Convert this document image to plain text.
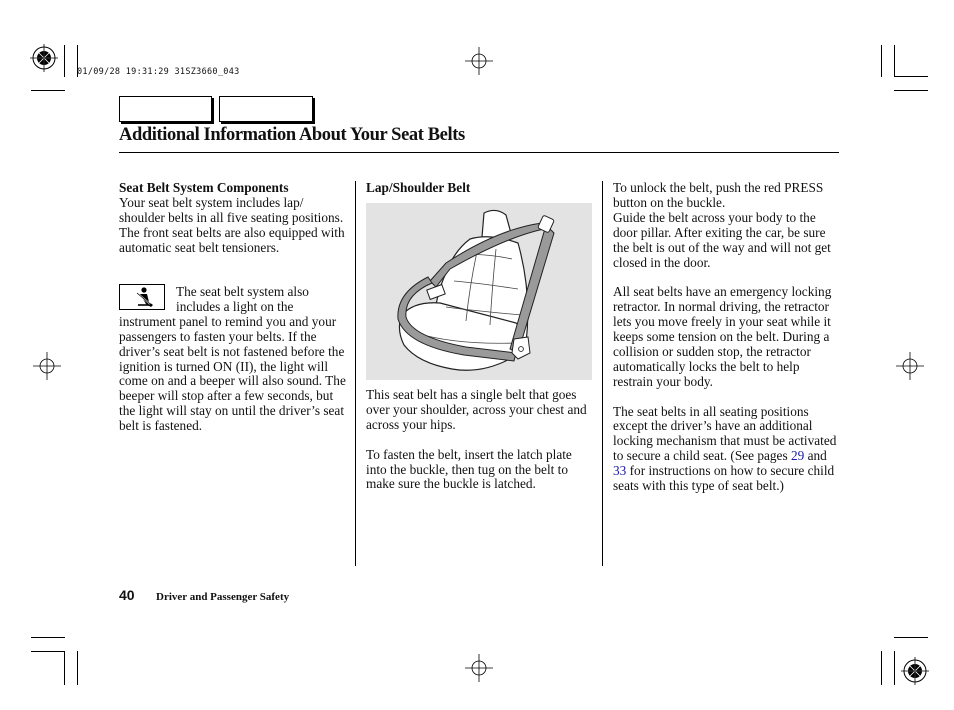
01/09/28 19:31:29 31SZ3660_043
Additional Information About Your Seat Belts

Seat Belt System Components

Your seat belt system includes lap/ shoulder belts in all five seating positions. The front seat belts are also equipped with automatic seat belt tensioners.

The seat belt system also includes a light on the

instrument panel to remind you and your passengers to fasten your belts. If the driver’s seat belt is not fastened before the ignition is turned ON (II), the light will come on and a beeper will also sound. The beeper will stop after a few seconds, but the light will stay on until the driver’s seat belt is fastened.

Lap/Shoulder Belt

This seat belt has a single belt that goes over your shoulder, across your chest and across your hips.

To fasten the belt, insert the latch plate into the buckle, then tug on the belt to make sure the buckle is latched.

To unlock the belt, push the red PRESS button on the buckle.

Guide the belt across your body to the door pillar. After exiting the car, be sure the belt is out of the way and will not get closed in the door.

All seat belts have an emergency locking retractor. In normal driving, the retractor lets you move freely in your seat while it keeps some tension on the belt. During a collision or sudden stop, the retractor automatically locks the belt to help restrain your body.

The seat belts in all seating positions except the driver’s have an additional locking mechanism that must be activated to secure a child seat. (See pages 29 and 33 for instructions on how to secure child seats with this type of seat belt.)

40 Driver and Passenger Safety
